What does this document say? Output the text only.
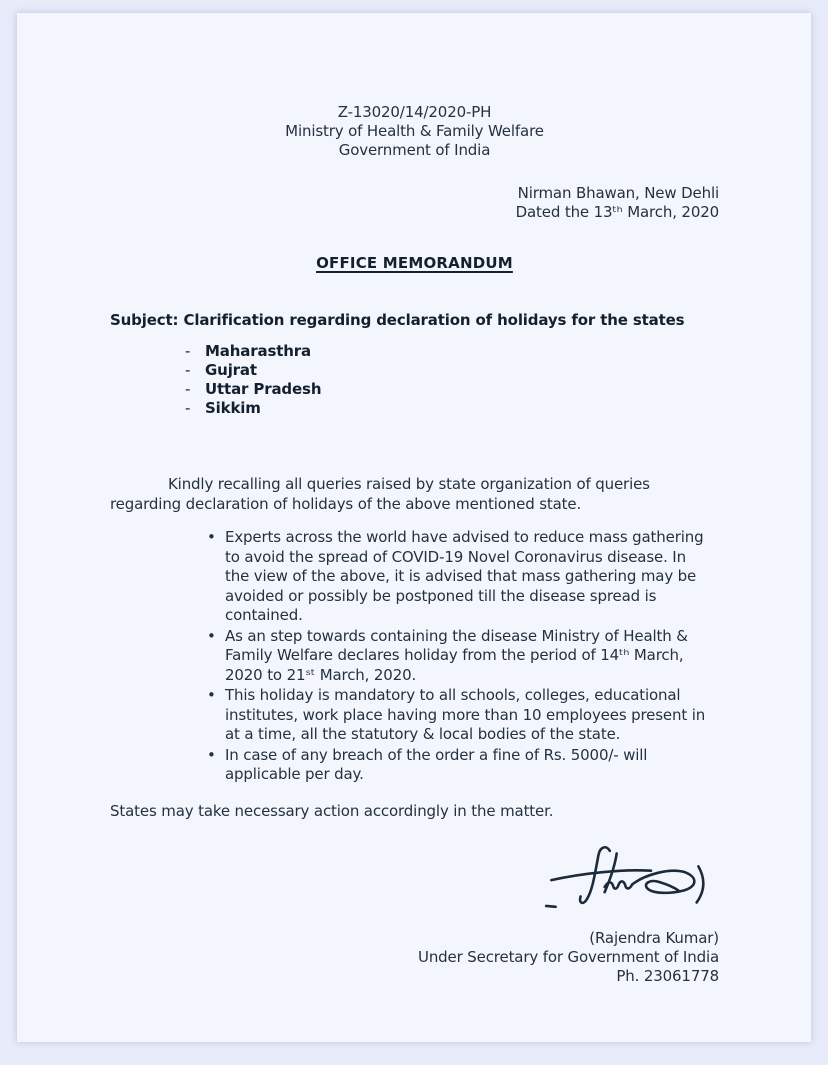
Z-13020/14/2020-PH
Ministry of Health & Family Welfare
Government of India
Nirman Bhawan, New Dehli
Dated the 13ᵗʰ March, 2020
OFFICE MEMORANDUM
Subject: Clarification regarding declaration of holidays for the states
- Maharasthra
- Gujrat
- Uttar Pradesh
- Sikkim

Kindly recalling all queries raised by state organization of queries regarding declaration of holidays of the above mentioned state.

• Experts across the world have advised to reduce mass gathering to avoid the spread of COVID-19 Novel Coronavirus disease. In the view of the above, it is advised that mass gathering may be avoided or possibly be postponed till the disease spread is contained.
• As an step towards containing the disease Ministry of Health & Family Welfare declares holiday from the period of 14ᵗʰ March, 2020 to 21ˢᵗ March, 2020.
• This holiday is mandatory to all schools, colleges, educational institutes, work place having more than 10 employees present in at a time, all the statutory & local bodies of the state.
• In case of any breach of the order a fine of Rs. 5000/- will applicable per day.

States may take necessary action accordingly in the matter.

(Rajendra Kumar)
Under Secretary for Government of India
Ph. 23061778
